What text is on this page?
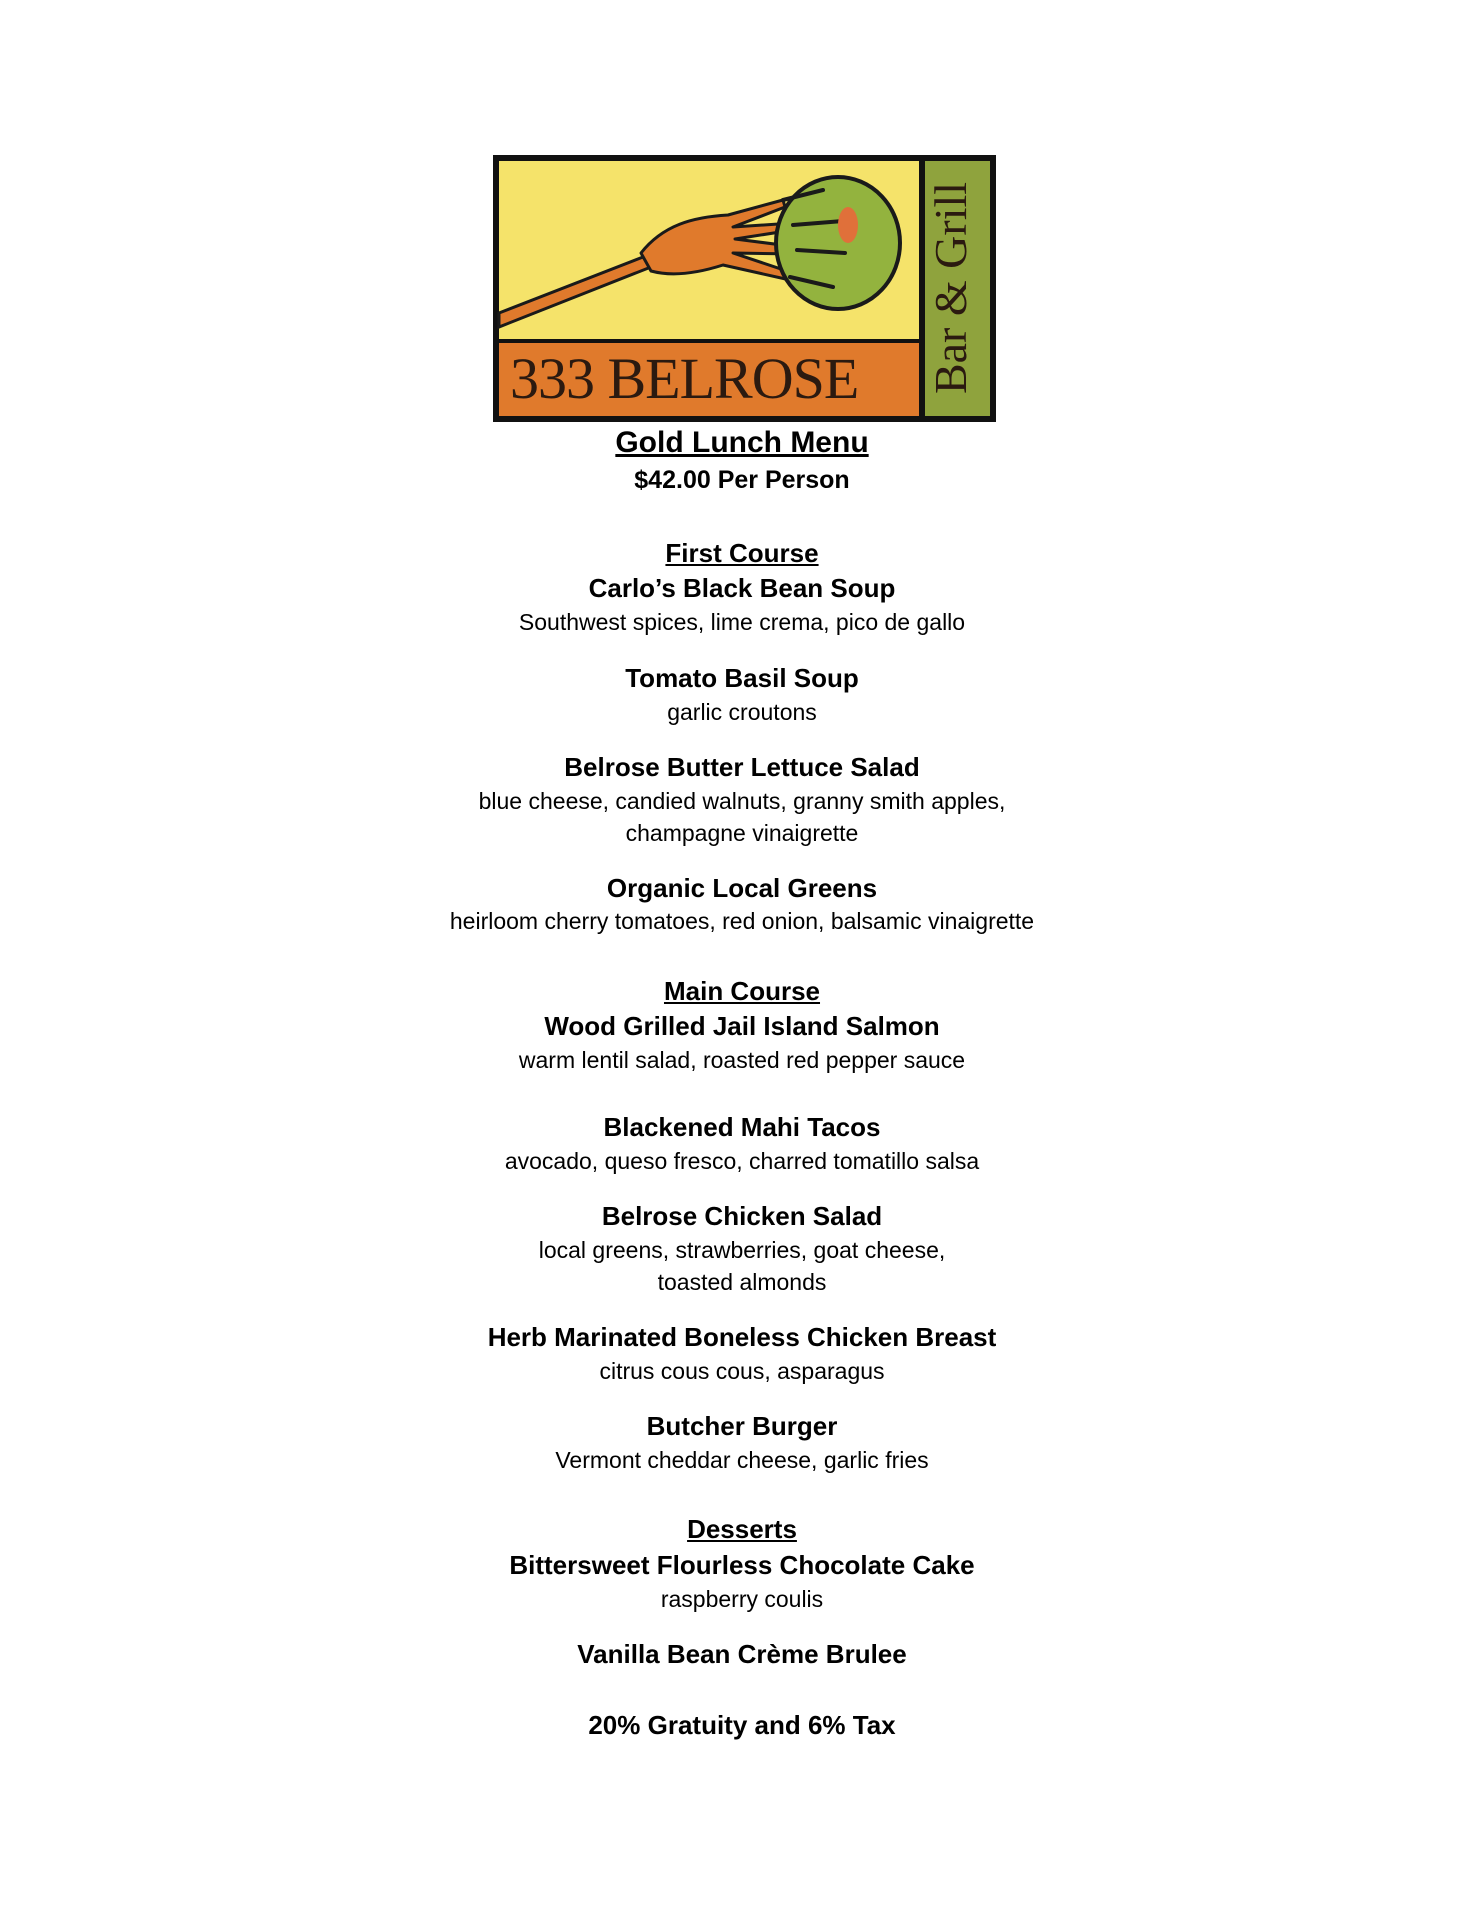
333 BELROSE	Bar & Grill
Gold Lunch Menu
$42.00 Per Person
First Course
Carlo’s Black Bean Soup
Southwest spices, lime crema, pico de gallo
Tomato Basil Soup
garlic croutons
Belrose Butter Lettuce Salad
blue cheese, candied walnuts, granny smith apples,
champagne vinaigrette
Organic Local Greens
heirloom cherry tomatoes, red onion, balsamic vinaigrette
Main Course
Wood Grilled Jail Island Salmon
warm lentil salad, roasted red pepper sauce
Blackened Mahi Tacos
avocado, queso fresco, charred tomatillo salsa
Belrose Chicken Salad
local greens, strawberries, goat cheese,
toasted almonds
Herb Marinated Boneless Chicken Breast
citrus cous cous, asparagus
Butcher Burger
Vermont cheddar cheese, garlic fries
Desserts
Bittersweet Flourless Chocolate Cake
raspberry coulis
Vanilla Bean Crème Brulee
20% Gratuity and 6% Tax
